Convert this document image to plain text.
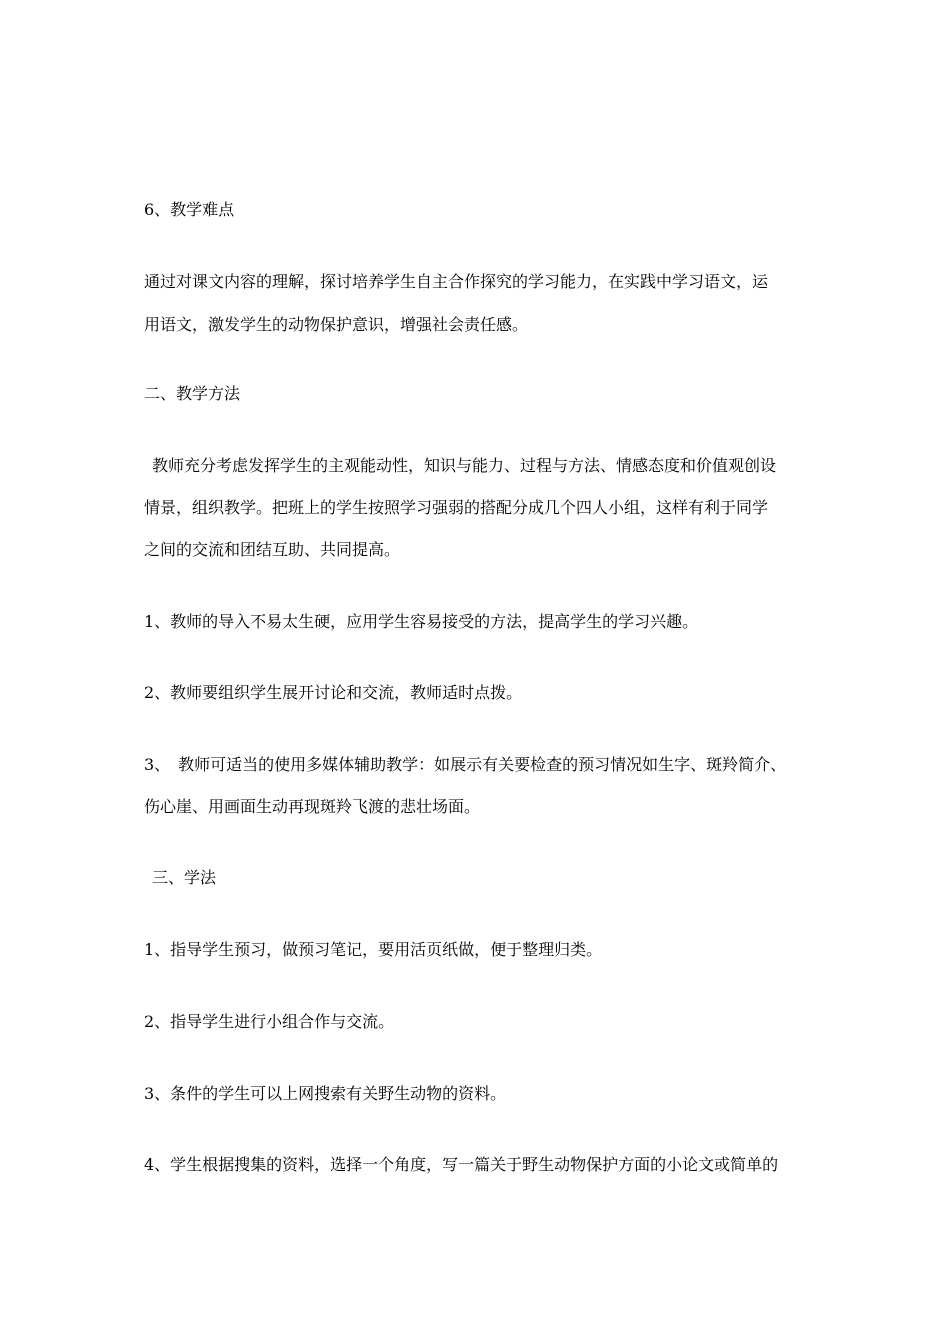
6、教学难点
通过对课文内容的理解，探讨培养学生自主合作探究的学习能力，在实践中学习语文，运
用语文，激发学生的动物保护意识，增强社会责任感。
二、教学方法
教师充分考虑发挥学生的主观能动性，知识与能力、过程与方法、情感态度和价值观创设
情景，组织教学。把班上的学生按照学习强弱的搭配分成几个四人小组，这样有利于同学
之间的交流和团结互助、共同提高。
1、教师的导入不易太生硬，应用学生容易接受的方法，提高学生的学习兴趣。
2、教师要组织学生展开讨论和交流，教师适时点拨。
3、　教师可适当的使用多媒体辅助教学：如展示有关要检查的预习情况如生字、斑羚简介、
伤心崖、用画面生动再现斑羚飞渡的悲壮场面。
三、学法
1、指导学生预习，做预习笔记，要用活页纸做，便于整理归类。
2、指导学生进行小组合作与交流。
3、条件的学生可以上网搜索有关野生动物的资料。
4、学生根据搜集的资料，选择一个角度，写一篇关于野生动物保护方面的小论文或简单的
